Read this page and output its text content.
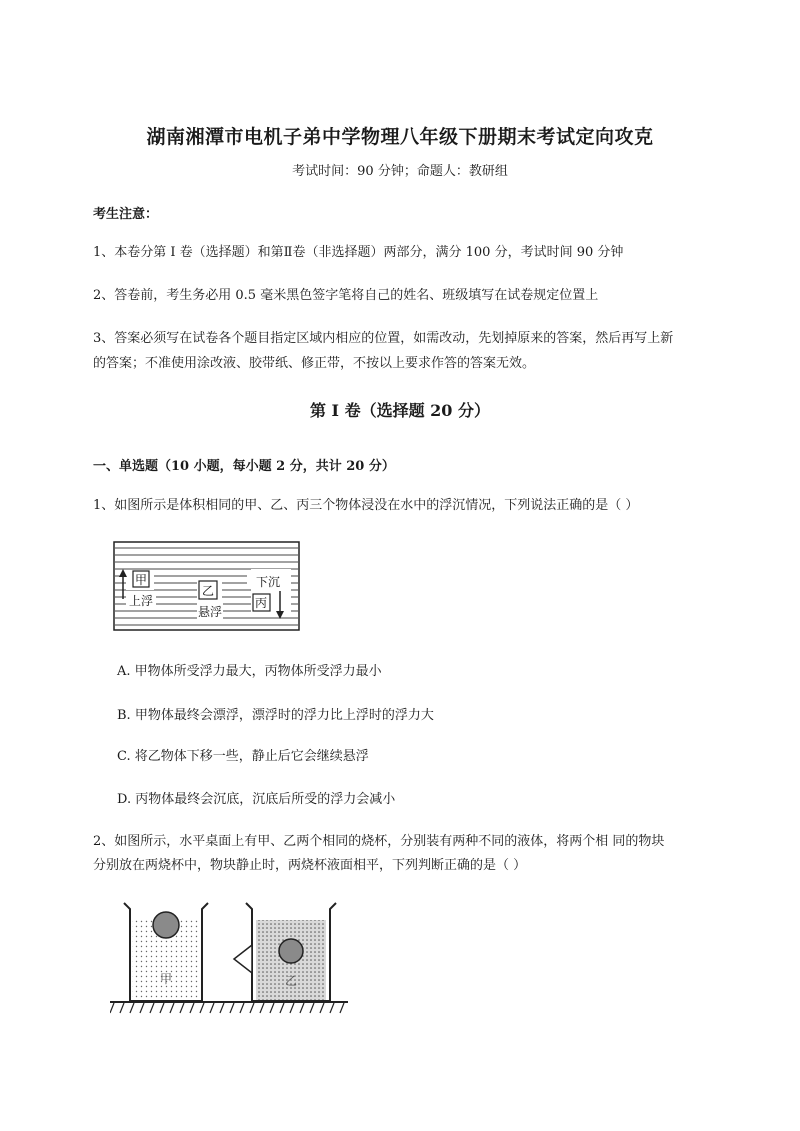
湖南湘潭市电机子弟中学物理八年级下册期末考试定向攻克
考试时间：90 分钟；命题人：教研组
考生注意：
1、本卷分第 I 卷（选择题）和第Ⅱ卷（非选择题）两部分，满分 100 分，考试时间 90 分钟
2、答卷前，考生务必用 0.5 毫米黑色签字笔将自己的姓名、班级填写在试卷规定位置上
3、答案必须写在试卷各个题目指定区域内相应的位置，如需改动，先划掉原来的答案，然后再写上新
的答案；不准使用涂改液、胶带纸、修正带，不按以上要求作答的答案无效。
第 I 卷（选择题 20 分）
一、单选题（10 小题，每小题 2 分，共计 20 分）
1、如图所示是体积相同的甲、乙、丙三个物体浸没在水中的浮沉情况，下列说法正确的是（ ）
甲
上浮
乙
悬浮
下沉
丙
A. 甲物体所受浮力最大，丙物体所受浮力最小
B. 甲物体最终会漂浮，漂浮时的浮力比上浮时的浮力大
C. 将乙物体下移一些，静止后它会继续悬浮
D. 丙物体最终会沉底，沉底后所受的浮力会减小
2、如图所示，水平桌面上有甲、乙两个相同的烧杯，分别装有两种不同的液体，将两个相 同的物块
分别放在两烧杯中，物块静止时，两烧杯液面相平，下列判断正确的是（ ）
甲	乙
